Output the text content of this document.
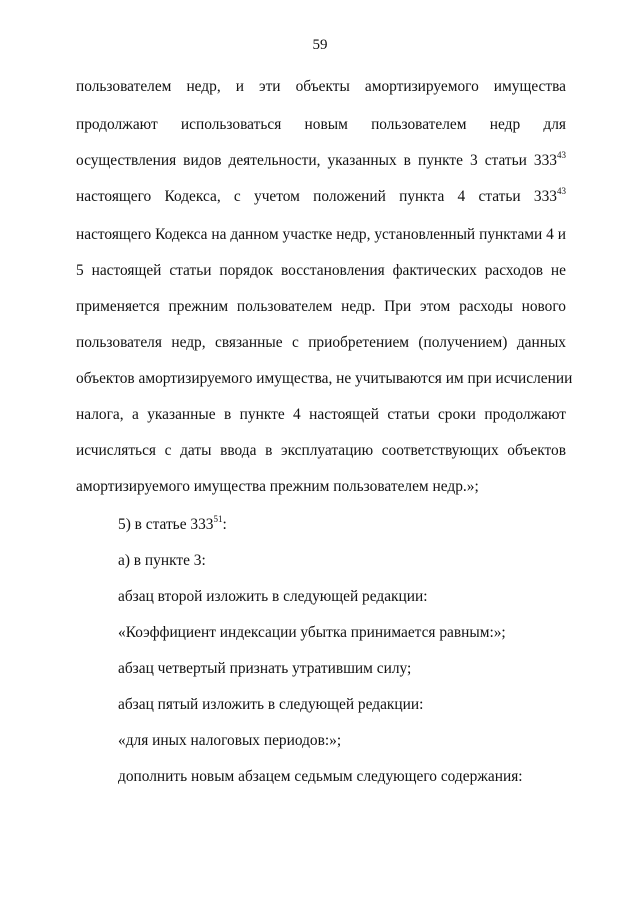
59
пользователем недр, и эти объекты амортизируемого имущества
продолжают использоваться новым пользователем недр для
осуществления видов деятельности, указанных в пункте 3 статьи $333^{43}$
настоящего Кодекса, с учетом положений пункта 4 статьи $333^{43}$
настоящего Кодекса на данном участке недр, установленный пунктами 4 и
5 настоящей статьи порядок восстановления фактических расходов не
применяется прежним пользователем недр. При этом расходы нового
пользователя недр, связанные с приобретением (получением) данных
объектов амортизируемого имущества, не учитываются им при исчислении
налога, а указанные в пункте 4 настоящей статьи сроки продолжают
исчисляться с даты ввода в эксплуатацию соответствующих объектов
амортизируемого имущества прежним пользователем недр.»;
5) в статье $333^{51}$:
а) в пункте 3:
абзац второй изложить в следующей редакции:
«Коэффициент индексации убытка принимается равным:»;
абзац четвертый признать утратившим силу;
абзац пятый изложить в следующей редакции:
«для иных налоговых периодов:»;
дополнить новым абзацем седьмым следующего содержания:
